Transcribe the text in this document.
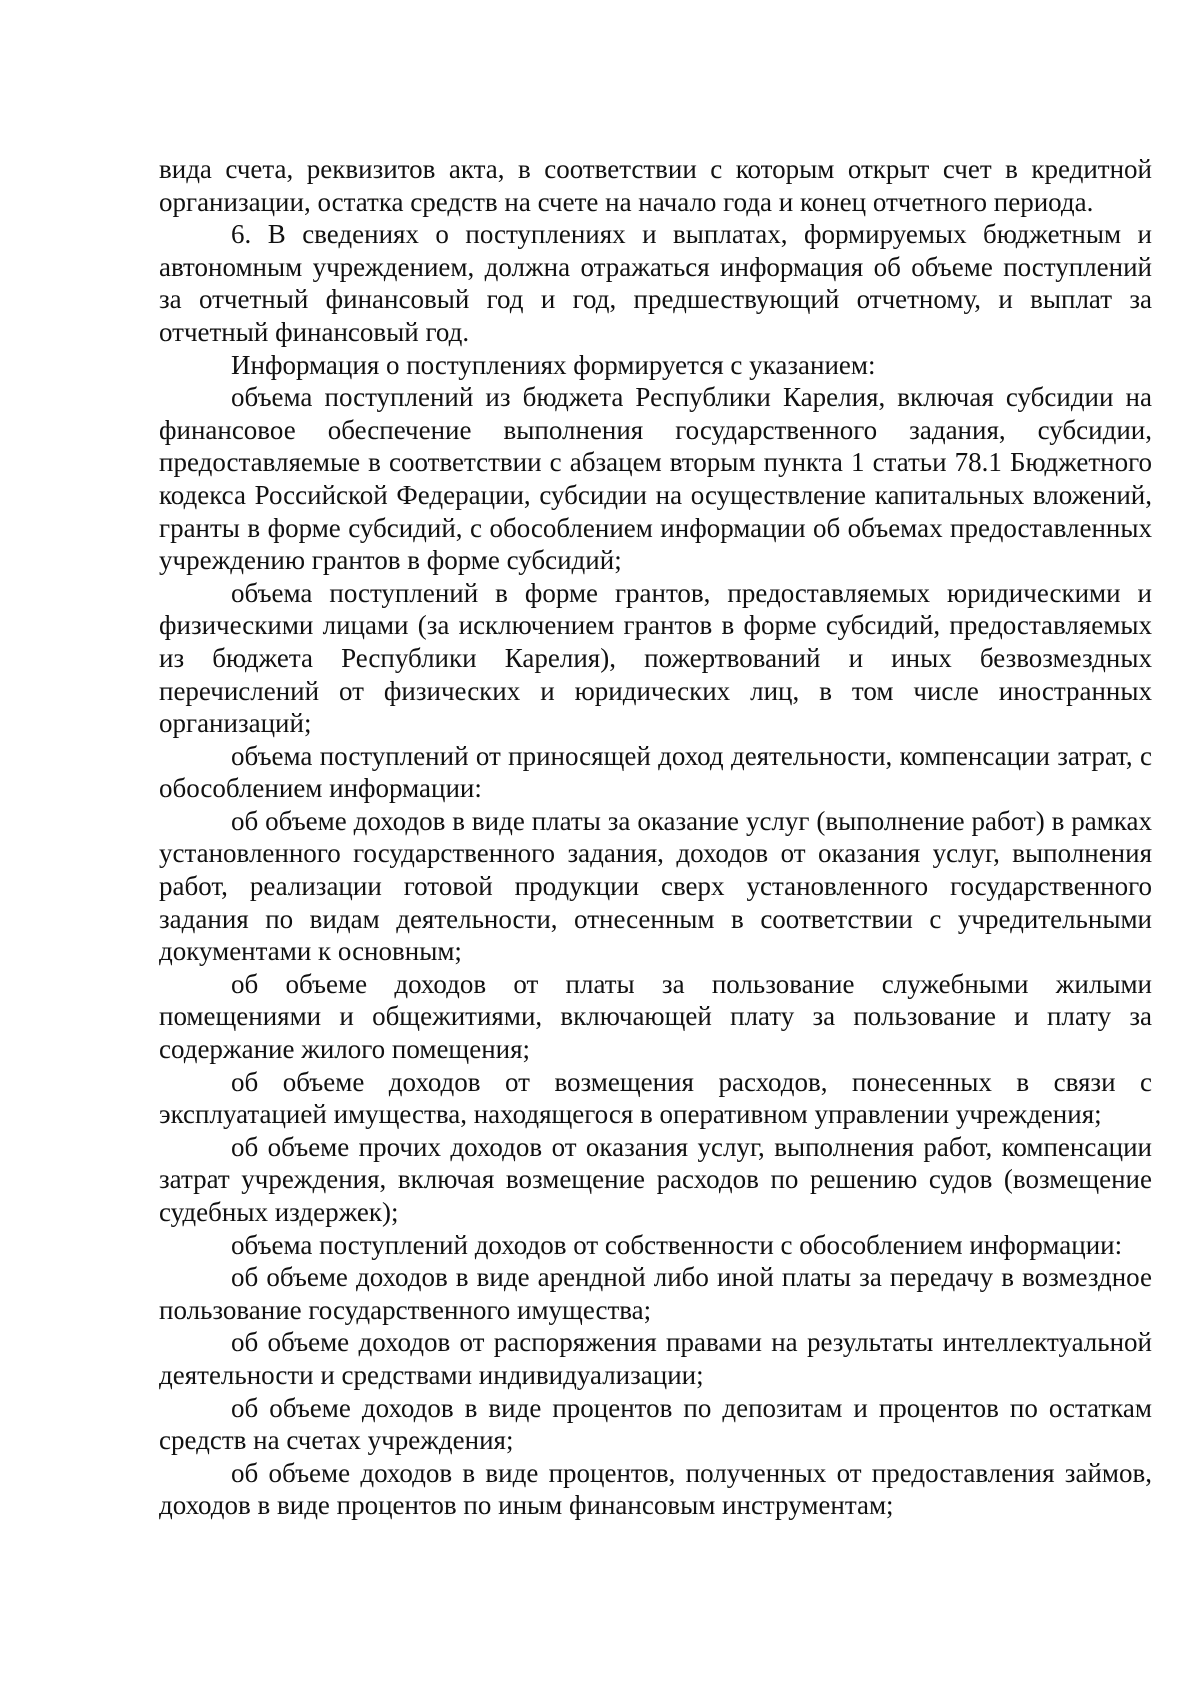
вида счета, реквизитов акта, в соответствии с которым открыт счет в кредитной организации, остатка средств на счете на начало года и конец отчетного периода.

6. В сведениях о поступлениях и выплатах, формируемых бюджетным и автономным учреждением, должна отражаться информация об объеме поступлений за отчетный финансовый год и год, предшествующий отчетному, и выплат за отчетный финансовый год.

Информация о поступлениях формируется с указанием:

объема поступлений из бюджета Республики Карелия, включая субсидии на финансовое обеспечение выполнения государственного задания, субсидии, предоставляемые в соответствии с абзацем вторым пункта 1 статьи 78.1 Бюджетного кодекса Российской Федерации, субсидии на осуществление капитальных вложений, гранты в форме субсидий, с обособлением информации об объемах предоставленных учреждению грантов в форме субсидий;

объема поступлений в форме грантов, предоставляемых юридическими и физическими лицами (за исключением грантов в форме субсидий, предоставляемых из бюджета Республики Карелия), пожертвований и иных безвозмездных перечислений от физических и юридических лиц, в том числе иностранных организаций;

объема поступлений от приносящей доход деятельности, компенсации затрат, с обособлением информации:

об объеме доходов в виде платы за оказание услуг (выполнение работ) в рамках установленного государственного задания, доходов от оказания услуг, выполнения работ, реализации готовой продукции сверх установленного государственного задания по видам деятельности, отнесенным в соответствии с учредительными документами к основным;

об объеме доходов от платы за пользование служебными жилыми помещениями и общежитиями, включающей плату за пользование и плату за содержание жилого помещения;

об объеме доходов от возмещения расходов, понесенных в связи с эксплуатацией имущества, находящегося в оперативном управлении учреждения;

об объеме прочих доходов от оказания услуг, выполнения работ, компенсации затрат учреждения, включая возмещение расходов по решению судов (возмещение судебных издержек);

объема поступлений доходов от собственности с обособлением информации:

об объеме доходов в виде арендной либо иной платы за передачу в возмездное пользование государственного имущества;

об объеме доходов от распоряжения правами на результаты интеллектуальной деятельности и средствами индивидуализации;

об объеме доходов в виде процентов по депозитам и процентов по остаткам средств на счетах учреждения;

об объеме доходов в виде процентов, полученных от предоставления займов, доходов в виде процентов по иным финансовым инструментам;
